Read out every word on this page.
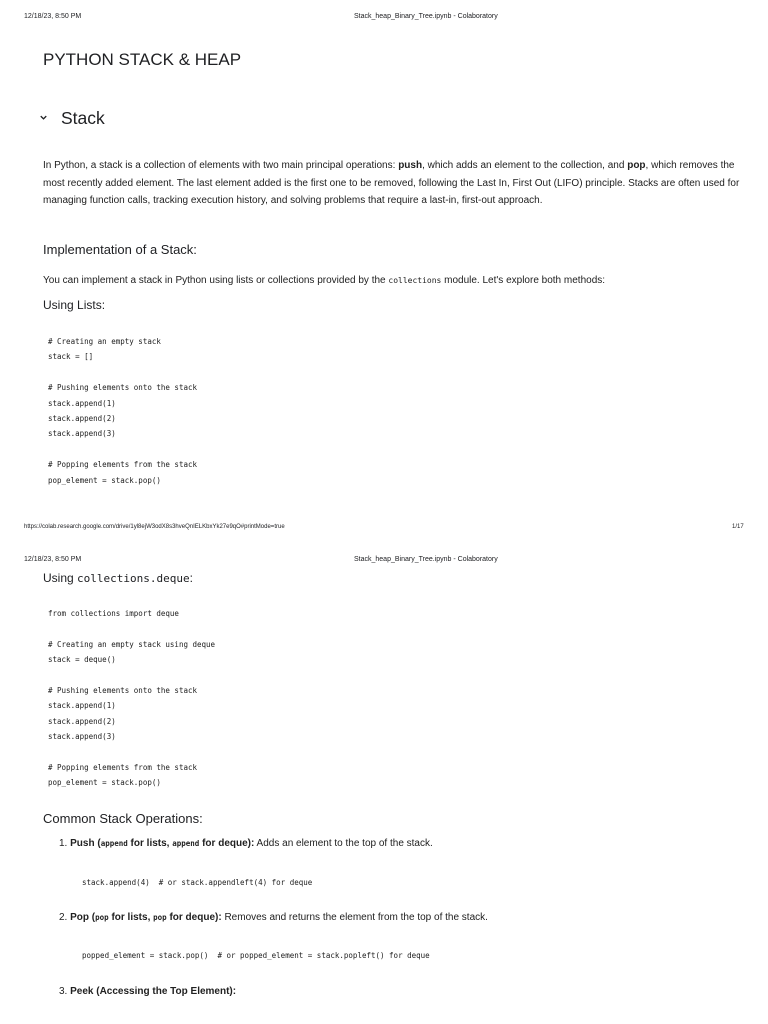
12/18/23, 8:50 PM	Stack_heap_Binary_Tree.ipynb - Colaboratory
PYTHON STACK & HEAP
Stack
In Python, a stack is a collection of elements with two main principal operations: push, which adds an element to the collection, and pop, which removes the most recently added element. The last element added is the first one to be removed, following the Last In, First Out (LIFO) principle. Stacks are often used for managing function calls, tracking execution history, and solving problems that require a last-in, first-out approach.
Implementation of a Stack:
You can implement a stack in Python using lists or collections provided by the collections module. Let's explore both methods:
Using Lists:
# Creating an empty stack
stack = []

# Pushing elements onto the stack
stack.append(1)
stack.append(2)
stack.append(3)

# Popping elements from the stack
pop_element = stack.pop()
https://colab.research.google.com/drive/1yl8ejW3odX8s3hveQnIELKbxYk27e9qO#printMode=true	1/17
12/18/23, 8:50 PM	Stack_heap_Binary_Tree.ipynb - Colaboratory
Using collections.deque:
from collections import deque

# Creating an empty stack using deque
stack = deque()

# Pushing elements onto the stack
stack.append(1)
stack.append(2)
stack.append(3)

# Popping elements from the stack
pop_element = stack.pop()
Common Stack Operations:
1. Push (append for lists, append for deque): Adds an element to the top of the stack.
stack.append(4)  # or stack.appendleft(4) for deque
2. Pop (pop for lists, pop for deque): Removes and returns the element from the top of the stack.
popped_element = stack.pop()  # or popped_element = stack.popleft() for deque
3. Peek (Accessing the Top Element):
